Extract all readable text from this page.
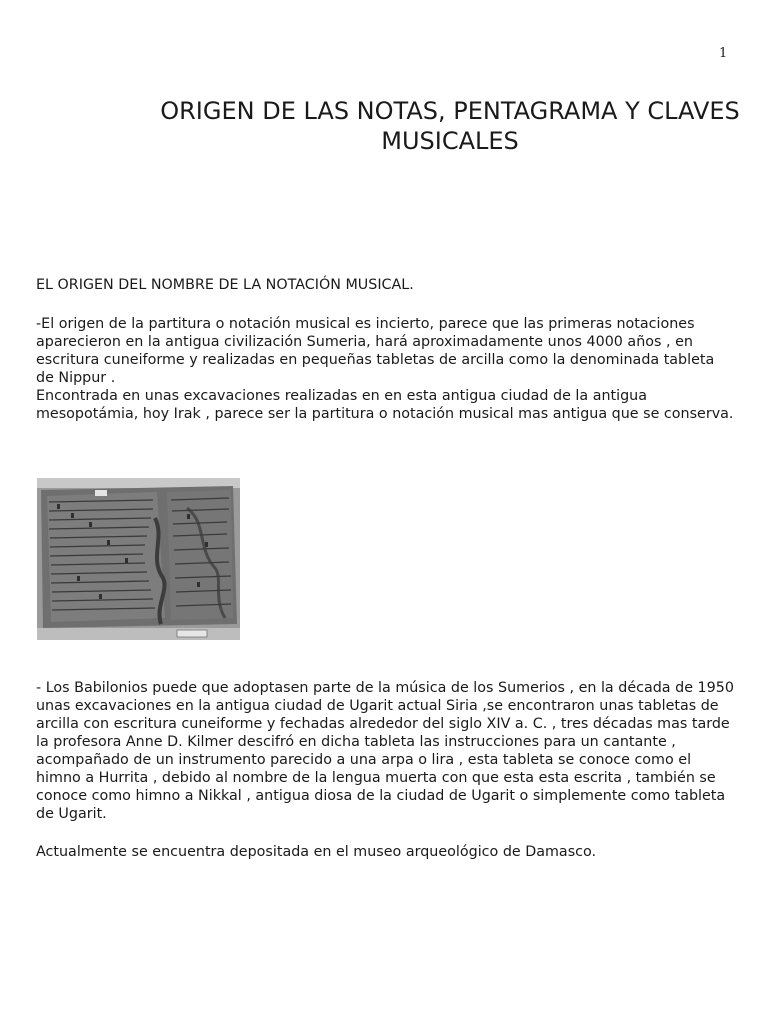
1
ORIGEN DE LAS NOTAS, PENTAGRAMA Y CLAVES
MUSICALES
EL ORIGEN DEL NOMBRE DE LA NOTACIÓN MUSICAL.

-El origen de la partitura o notación musical es incierto, parece que las primeras notaciones aparecieron en la antigua civilización Sumeria, hará aproximadamente unos 4000 años , en escritura cuneiforme y realizadas en pequeñas tabletas de arcilla como la denominada tableta de Nippur .

Encontrada en unas excavaciones realizadas en en esta antigua ciudad de la antigua mesopotámia, hoy Irak , parece ser la partitura o notación musical mas antigua que se conserva.

- Los Babilonios puede que adoptasen parte de la música de los Sumerios , en la década de 1950 unas excavaciones en la antigua ciudad de Ugarit actual Siria ,se encontraron unas tabletas de arcilla con escritura cuneiforme y fechadas alrededor del siglo XIV a. C. , tres décadas mas tarde la profesora Anne D. Kilmer descifró en dicha tableta las instrucciones para un cantante , acompañado de un instrumento parecido a una arpa o lira , esta tableta se conoce como el himno a Hurrita , debido al nombre de la lengua muerta con que esta esta escrita , también se conoce como himno a Nikkal , antigua diosa de la ciudad de Ugarit o simplemente como tableta de Ugarit.

Actualmente se encuentra depositada en el museo arqueológico de Damasco.
